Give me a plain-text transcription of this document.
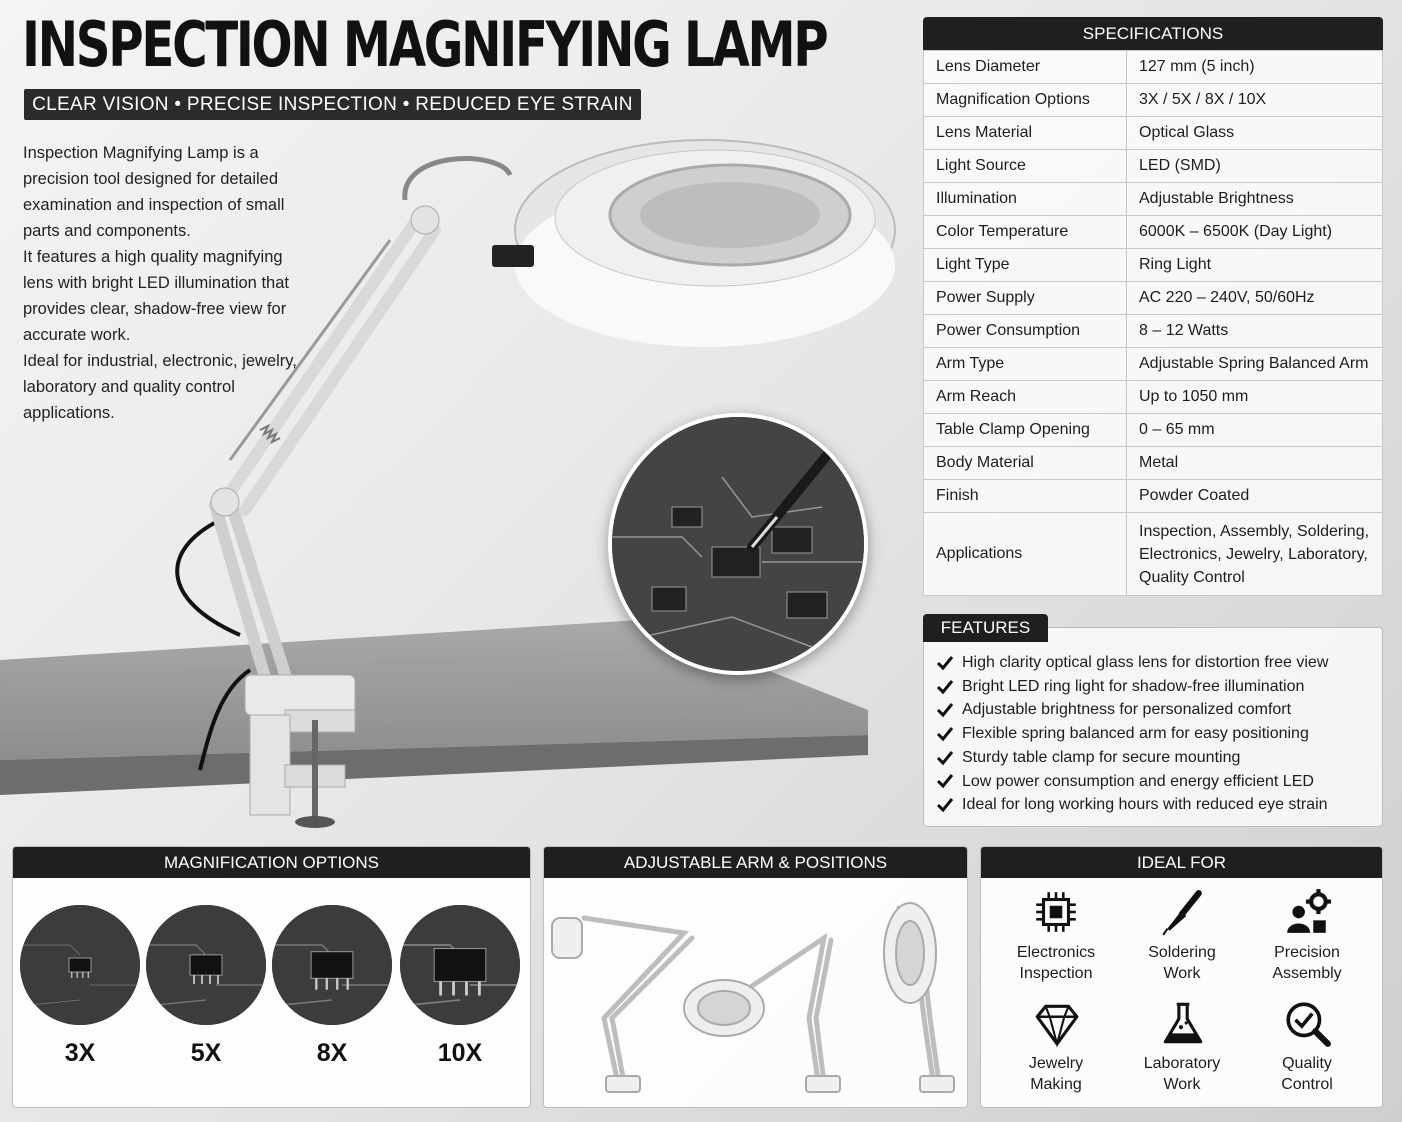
INSPECTION MAGNIFYING LAMP
CLEAR VISION • PRECISE INSPECTION • REDUCED EYE STRAIN

Inspection Magnifying Lamp is a precision tool designed for detailed examination and inspection of small parts and components.

It features a high quality magnifying lens with bright LED illumination that provides clear, shadow-free view for accurate work.

Ideal for industrial, electronic, jewelry, laboratory and quality control applications.

SPECIFICATIONS
Lens Diameter	127 mm (5 inch)
Magnification Options	3X / 5X / 8X / 10X
Lens Material	Optical Glass
Light Source	LED (SMD)
Illumination	Adjustable Brightness
Color Temperature	6000K – 6500K (Day Light)
Light Type	Ring Light
Power Supply	AC 220 – 240V, 50/60Hz
Power Consumption	8 – 12 Watts
Arm Type	Adjustable Spring Balanced Arm
Arm Reach	Up to 1050 mm
Table Clamp Opening	0 – 65 mm
Body Material	Metal
Finish	Powder Coated
Applications	Inspection, Assembly, Soldering, Electronics, Jewelry, Laboratory, Quality Control
FEATURES
High clarity optical glass lens for distortion free view
Bright LED ring light for shadow-free illumination
Adjustable brightness for personalized comfort
Flexible spring balanced arm for easy positioning
Sturdy table clamp for secure mounting
Low power consumption and energy efficient LED
Ideal for long working hours with reduced eye strain
MAGNIFICATION OPTIONS
3X	5X	8X	10X
ADJUSTABLE ARM & POSITIONS	IDEAL FOR
Electronics
Inspection
Soldering
Work
Precision
Assembly
Jewelry
Making
Laboratory
Work
Quality
Control
